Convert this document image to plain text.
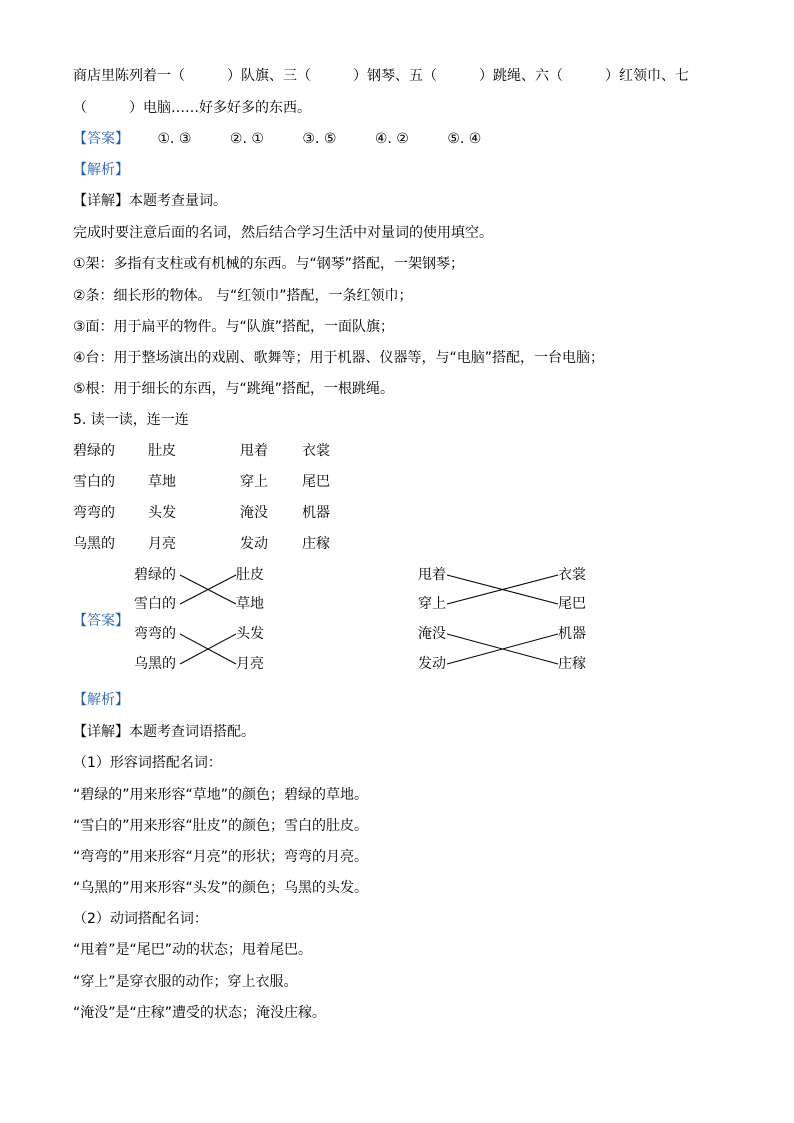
商店里陈列着一（　　　）队旗、三（　　　）钢琴、五（　　　）跳绳、六（　　　）红领巾、七
（　　　）电脑……好多好多的东西。
【答案】 ①. ③	②. ①	③. ⑤	④. ②	⑤. ④
【解析】
【详解】本题考查量词。
完成时要注意后面的名词，然后结合学习生活中对量词的使用填空。
①架：多指有支柱或有机械的东西。与“钢琴”搭配，一架钢琴；
②条：细长形的物体。 与“红领巾”搭配，一条红领巾；
③面：用于扁平的物件。与“队旗”搭配，一面队旗；
④台：用于整场演出的戏剧、歌舞等；用于机器、仪器等，与“电脑”搭配，一台电脑；
⑤根：用于细长的东西，与“跳绳”搭配，一根跳绳。
5. 读一读，连一连
碧绿的 肚皮	甩着 衣裳
雪白的 草地	穿上 尾巴
弯弯的 头发	淹没 机器
乌黑的 月亮	发动 庄稼
【答案】
碧绿的
雪白的
弯弯的
乌黑的
肚皮
草地
头发
月亮
甩着
穿上
淹没
发动
衣裳
尾巴
机器
庄稼
【解析】
【详解】本题考查词语搭配。
（1）形容词搭配名词：
“碧绿的”用来形容“草地”的颜色；碧绿的草地。
“雪白的”用来形容“肚皮”的颜色；雪白的肚皮。
“弯弯的”用来形容“月亮”的形状；弯弯的月亮。
“乌黑的”用来形容“头发”的颜色；乌黑的头发。
（2）动词搭配名词：
“甩着”是“尾巴”动的状态；甩着尾巴。
“穿上”是穿衣服的动作；穿上衣服。
“淹没”是“庄稼”遭受的状态；淹没庄稼。
